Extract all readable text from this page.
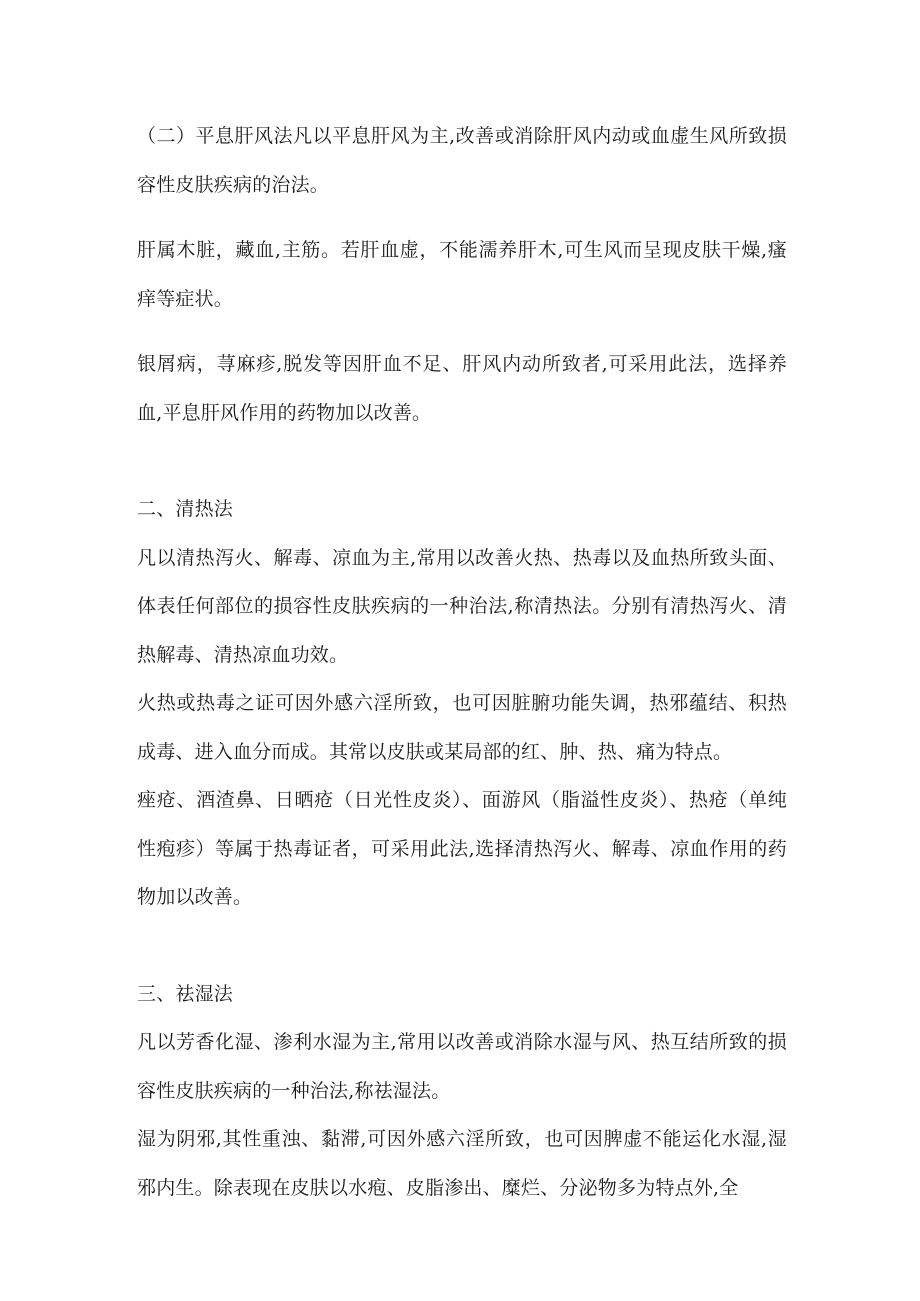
（二）平息肝风法凡以平息肝风为主,改善或消除肝风内动或血虚生风所致损容性皮肤疾病的治法。

肝属木脏，藏血,主筋。若肝血虚，不能濡养肝木,可生风而呈现皮肤干燥,瘙痒等症状。

银屑病，荨麻疹,脱发等因肝血不足、肝风内动所致者,可采用此法，选择养血,平息肝风作用的药物加以改善。

二、清热法

凡以清热泻火、解毒、凉血为主,常用以改善火热、热毒以及血热所致头面、体表任何部位的损容性皮肤疾病的一种治法,称清热法。分别有清热泻火、清热解毒、清热凉血功效。

火热或热毒之证可因外感六淫所致，也可因脏腑功能失调，热邪蕴结、积热成毒、进入血分而成。其常以皮肤或某局部的红、肿、热、痛为特点。

痤疮、酒渣鼻、日晒疮（日光性皮炎）、面游风（脂溢性皮炎）、热疮（单纯性疱疹）等属于热毒证者，可采用此法,选择清热泻火、解毒、凉血作用的药物加以改善。

三、祛湿法

凡以芳香化湿、渗利水湿为主,常用以改善或消除水湿与风、热互结所致的损容性皮肤疾病的一种治法,称祛湿法。

湿为阴邪,其性重浊、黏滞,可因外感六淫所致，也可因脾虚不能运化水湿,湿邪内生。除表现在皮肤以水疱、皮脂渗出、糜烂、分泌物多为特点外,全
